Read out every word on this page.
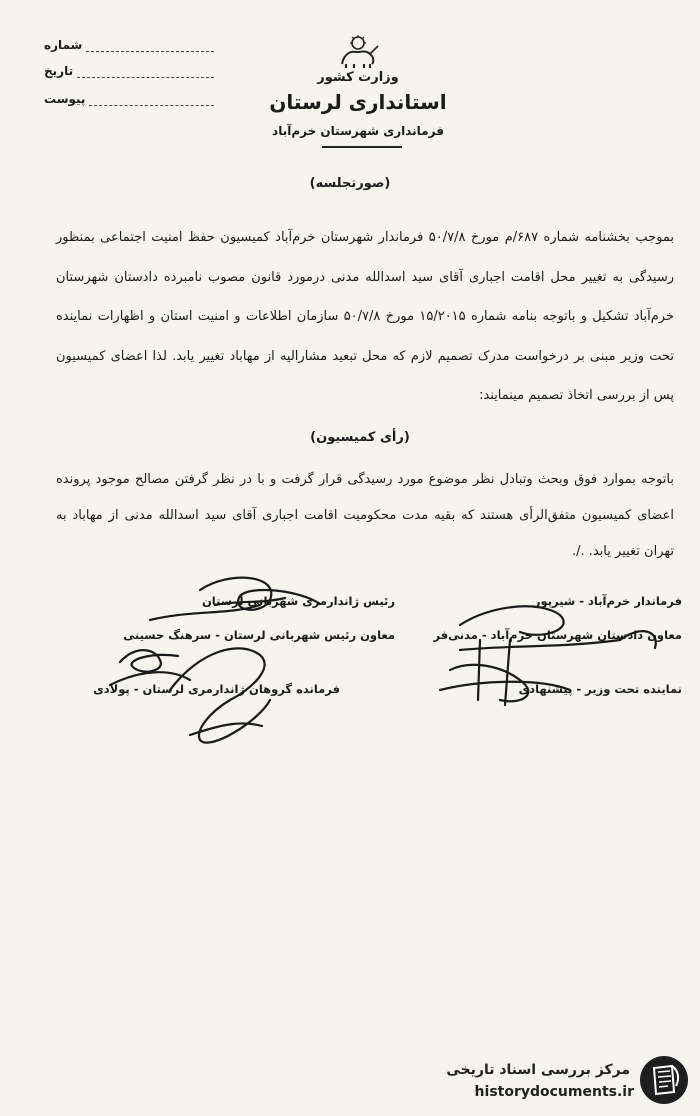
وزارت کشور
استانداری لرستان
فرمانداری شهرستان خرم‌آباد
شماره
تاریخ
پیوست
(صورتجلسه)
بموجب بخشنامه شماره ۶۸۷/م مورخ ۵۰/۷/۸ فرماندار شهرستان خرم‌آباد کمیسیون حفظ امنیت اجتماعی بمنظور رسیدگی به تغییر محل اقامت اجباری آقای سید اسدالله مدنی درمورد قانون مصوب نامبرده دادستان شهرستان خرم‌آباد تشکیل و باتوجه بنامه شماره ۱۵/۲۰۱۵ مورخ ۵۰/۷/۸ سازمان اطلاعات و امنیت استان و اظهارات نماینده تحت وزیر مبنی بر درخواست مدرک تصمیم لازم که محل تبعید مشارالیه از مهاباد تغییر یابد. لذا اعضای کمیسیون پس از بررسی اتخاذ تصمیم مینمایند:
(رأی کمیسیون)
باتوجه بموارد فوق وبحث وتبادل نظر موضوع مورد رسیدگی قرار گرفت و با در نظر گرفتن مصالح موجود پرونده اعضای کمیسیون متفق‌الرأی هستند که بقیه مدت محکومیت اقامت اجباری آقای سید اسدالله مدنی از مهاباد به تهران تغییر یابد. ./.
فرماندار خرم‌آباد - شیرپور
رئیس ژاندارمری شهربانی لرستان
معاون دادستان شهرستان خرم‌آباد - مدنی‌فر
معاون رئیس شهربانی لرستان - سرهنگ حسینی
نماینده تحت وزیر - پیشنهادی
فرمانده گروهان ژاندارمری لرستان - پولادی
مرکز بررسی اسناد تاریخی
historydocuments.ir
